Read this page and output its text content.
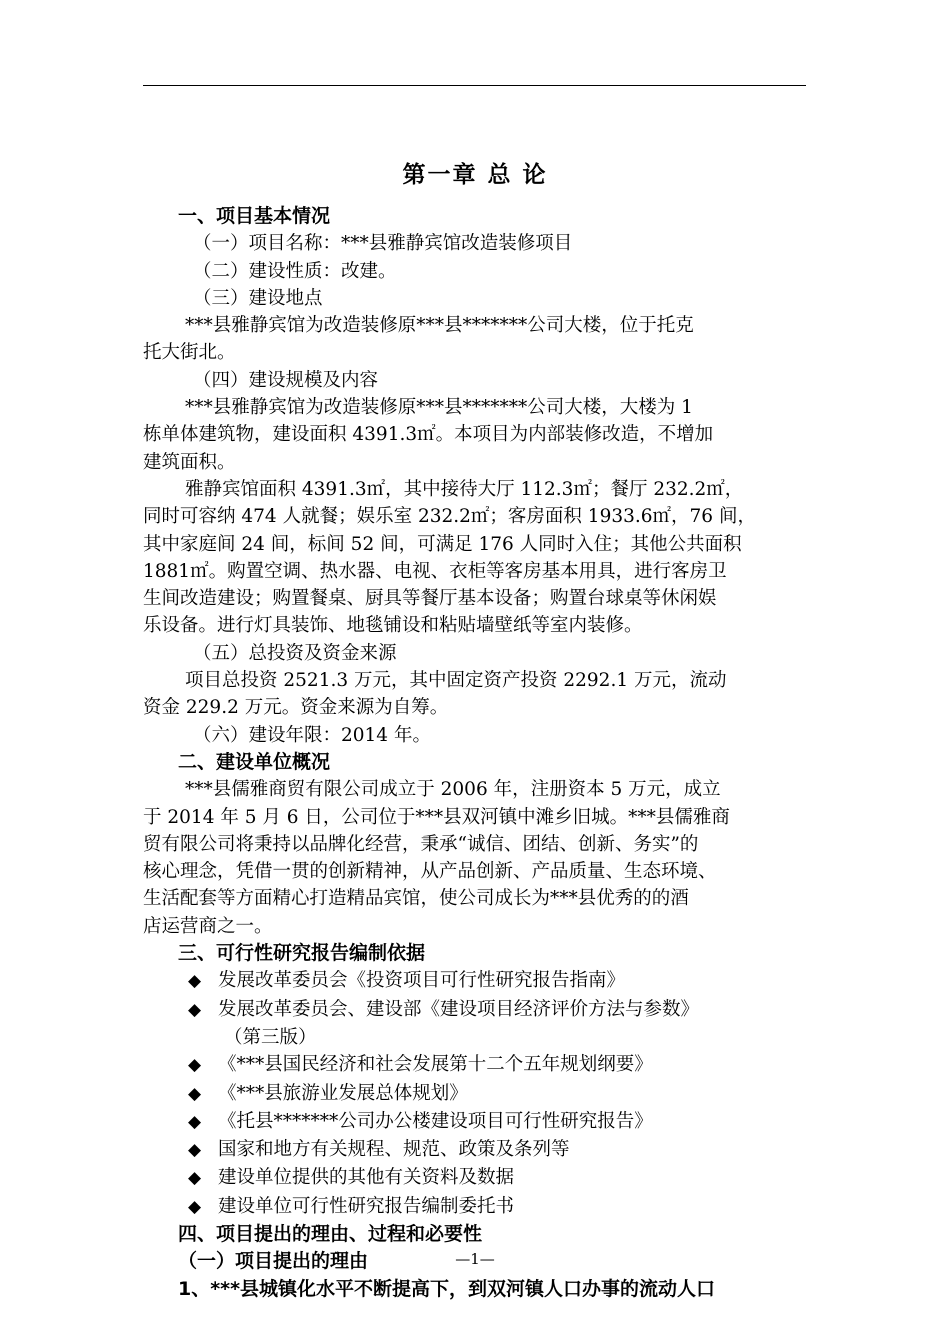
第一章 总 论

一、项目基本情况

（一）项目名称：***县雅静宾馆改造装修项目

（二）建设性质：改建。

（三）建设地点

***县雅静宾馆为改造装修原***县*******公司大楼，位于托克

托大街北。

（四）建设规模及内容

***县雅静宾馆为改造装修原***县*******公司大楼，大楼为 1

栋单体建筑物，建设面积 4391.3㎡。本项目为内部装修改造，不增加

建筑面积。

雅静宾馆面积 4391.3㎡，其中接待大厅 112.3㎡；餐厅 232.2㎡，

同时可容纳 474 人就餐；娱乐室 232.2㎡；客房面积 1933.6㎡，76 间，

其中家庭间 24 间，标间 52 间，可满足 176 人同时入住；其他公共面积

1881㎡。购置空调、热水器、电视、衣柜等客房基本用具，进行客房卫

生间改造建设；购置餐桌、厨具等餐厅基本设备；购置台球桌等休闲娱

乐设备。进行灯具装饰、地毯铺设和粘贴墙壁纸等室内装修。

（五）总投资及资金来源

项目总投资 2521.3 万元，其中固定资产投资 2292.1 万元，流动

资金 229.2 万元。资金来源为自筹。

（六）建设年限：2014 年。

二、建设单位概况

***县儒雅商贸有限公司成立于 2006 年，注册资本 5 万元，成立

于 2014 年 5 月 6 日，公司位于***县双河镇中滩乡旧城。***县儒雅商

贸有限公司将秉持以品牌化经营，秉承“诚信、团结、创新、务实”的

核心理念，凭借一贯的创新精神，从产品创新、产品质量、生态环境、

生活配套等方面精心打造精品宾馆，使公司成长为***县优秀的的酒

店运营商之一。

三、可行性研究报告编制依据

◆ 发展改革委员会《投资项目可行性研究报告指南》

◆ 发展改革委员会、建设部《建设项目经济评价方法与参数》

（第三版）

◆ 《***县国民经济和社会发展第十二个五年规划纲要》

◆ 《***县旅游业发展总体规划》

◆ 《托县*******公司办公楼建设项目可行性研究报告》

◆ 国家和地方有关规程、规范、政策及条列等

◆ 建设单位提供的其他有关资料及数据

◆ 建设单位可行性研究报告编制委托书

四、项目提出的理由、过程和必要性

（一）项目提出的理由

1、***县城镇化水平不断提高下，到双河镇人口办事的流动人口

—1—
